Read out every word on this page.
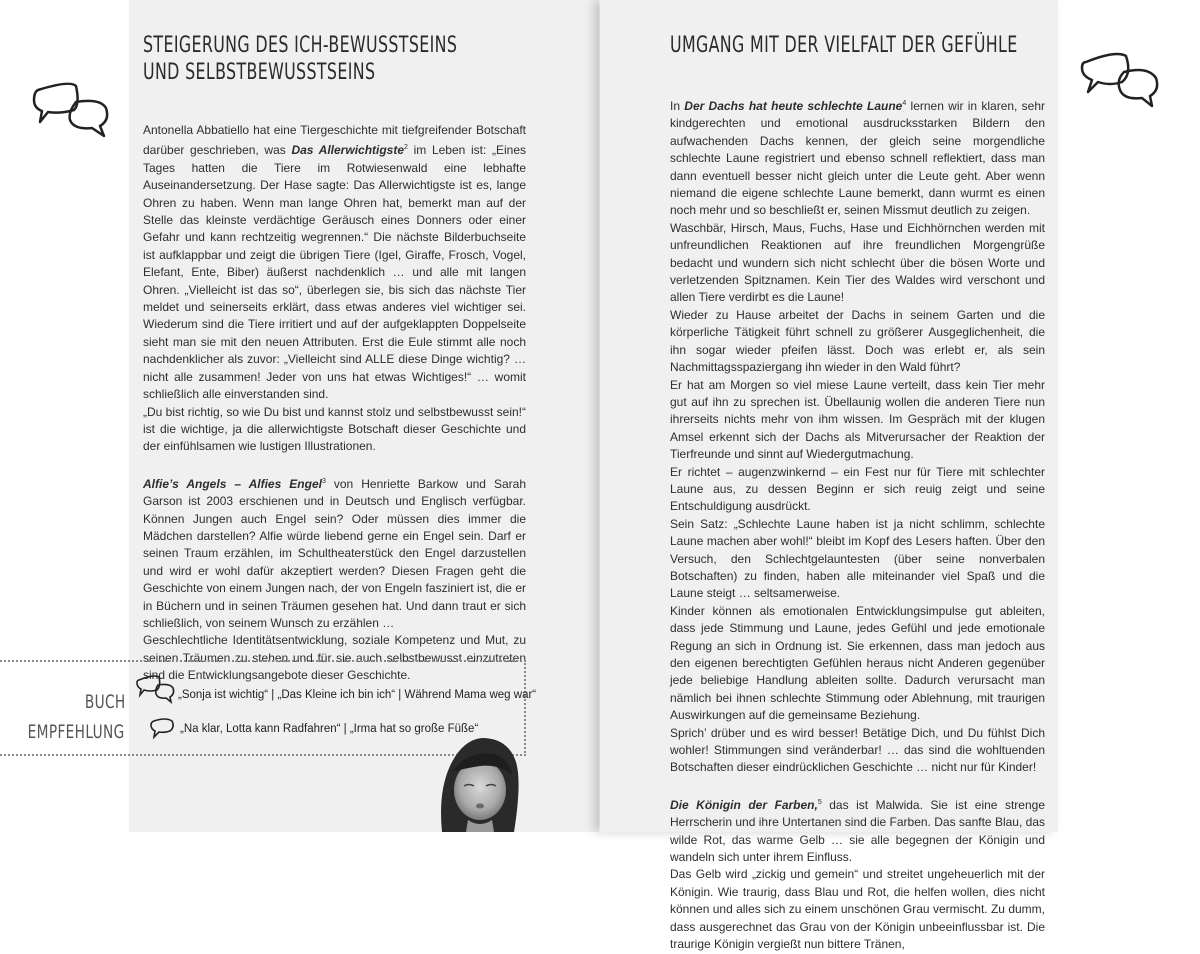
STEIGERUNG DES ICH-BEWUSSTSEINS
UND SELBSTBEWUSSTSEINS

Antonella Abbatiello hat eine Tiergeschichte mit tiefgreifender Botschaft darüber geschrieben, was Das Allerwichtigste$^2$ im Leben ist: „Eines Tages hatten die Tiere im Rotwiesenwald eine lebhafte Auseinandersetzung. Der Hase sagte: Das Allerwichtigste ist es, lange Ohren zu haben. Wenn man lange Ohren hat, bemerkt man auf der Stelle das kleinste verdächtige Geräusch eines Donners oder einer Gefahr und kann rechtzeitig wegrennen.“ Die nächste Bilderbuchseite ist aufklappbar und zeigt die übrigen Tiere (Igel, Giraffe, Frosch, Vogel, Elefant, Ente, Biber) äußerst nachdenklich … und alle mit langen Ohren. „Vielleicht ist das so“, überlegen sie, bis sich das nächste Tier meldet und seinerseits erklärt, dass etwas anderes viel wichtiger sei. Wiederum sind die Tiere irritiert und auf der aufgeklappten Doppelseite sieht man sie mit den neuen Attributen. Erst die Eule stimmt alle noch nachdenklicher als zuvor: „Vielleicht sind ALLE diese Dinge wichtig? … nicht alle zusammen! Jeder von uns hat etwas Wichtiges!“ … womit schließlich alle einverstanden sind.

„Du bist richtig, so wie Du bist und kannst stolz und selbstbewusst sein!“ ist die wichtige, ja die allerwichtigste Botschaft dieser Geschichte und der einfühlsamen wie lustigen Illustrationen.

Alfie’s Angels – Alfies Engel$^3$ von Henriette Barkow und Sarah Garson ist 2003 erschienen und in Deutsch und Englisch verfügbar. Können Jungen auch Engel sein? Oder müssen dies immer die Mädchen darstellen? Alfie würde liebend gerne ein Engel sein. Darf er seinen Traum erzählen, im Schultheaterstück den Engel darzustellen und wird er wohl dafür akzeptiert werden? Diesen Fragen geht die Geschichte von einem Jungen nach, der von Engeln fasziniert ist, die er in Büchern und in seinen Träumen gesehen hat. Und dann traut er sich schließlich, von seinem Wunsch zu erzählen …

Geschlechtliche Identitätsentwicklung, soziale Kompetenz und Mut, zu seinen Träumen zu stehen und für sie auch selbstbewusst einzutreten sind die Entwicklungsangebote dieser Geschichte.

UMGANG MIT DER VIELFALT DER GEFÜHLE

In Der Dachs hat heute schlechte Laune$^4$ lernen wir in klaren, sehr kindgerechten und emotional ausdrucksstarken Bildern den aufwachenden Dachs kennen, der gleich seine morgendliche schlechte Laune registriert und ebenso schnell reflektiert, dass man dann eventuell besser nicht gleich unter die Leute geht. Aber wenn niemand die eigene schlechte Laune bemerkt, dann wurmt es einen noch mehr und so beschließt er, seinen Missmut deutlich zu zeigen.

Waschbär, Hirsch, Maus, Fuchs, Hase und Eichhörnchen werden mit unfreundlichen Reaktionen auf ihre freundlichen Morgengrüße bedacht und wundern sich nicht schlecht über die bösen Worte und verletzenden Spitznamen. Kein Tier des Waldes wird verschont und allen Tiere verdirbt es die Laune!

Wieder zu Hause arbeitet der Dachs in seinem Garten und die körperliche Tätigkeit führt schnell zu größerer Ausgeglichenheit, die ihn sogar wieder pfeifen lässt. Doch was erlebt er, als sein Nachmittagsspaziergang ihn wieder in den Wald führt?

Er hat am Morgen so viel miese Laune verteilt, dass kein Tier mehr gut auf ihn zu sprechen ist. Übellaunig wollen die anderen Tiere nun ihrerseits nichts mehr von ihm wissen. Im Gespräch mit der klugen Amsel erkennt sich der Dachs als Mitverursacher der Reaktion der Tierfreunde und sinnt auf Wiedergutmachung.

Er richtet – augenzwinkernd – ein Fest nur für Tiere mit schlechter Laune aus, zu dessen Beginn er sich reuig zeigt und seine Entschuldigung ausdrückt.

Sein Satz: „Schlechte Laune haben ist ja nicht schlimm, schlechte Laune machen aber wohl!“ bleibt im Kopf des Lesers haften. Über den Versuch, den Schlechtgelauntesten (über seine nonverbalen Botschaften) zu finden, haben alle miteinander viel Spaß und die Laune steigt … seltsamerweise.

Kinder können als emotionalen Entwicklungsimpulse gut ableiten, dass jede Stimmung und Laune, jedes Gefühl und jede emotionale Regung an sich in Ordnung ist. Sie erkennen, dass man jedoch aus den eigenen berechtigten Gefühlen heraus nicht Anderen gegenüber jede beliebige Handlung ableiten sollte. Dadurch verursacht man nämlich bei ihnen schlechte Stimmung oder Ablehnung, mit traurigen Auswirkungen auf die gemeinsame Beziehung.

Sprich’ drüber und es wird besser! Betätige Dich, und Du fühlst Dich wohler! Stimmungen sind veränderbar! … das sind die wohltuenden Botschaften dieser eindrücklichen Geschichte … nicht nur für Kinder!

Die Königin der Farben,$^5$ das ist Malwida. Sie ist eine strenge Herrscherin und ihre Untertanen sind die Farben. Das sanfte Blau, das wilde Rot, das warme Gelb … sie alle begegnen der Königin und wandeln sich unter ihrem Einfluss.

Das Gelb wird „zickig und gemein“ und streitet ungeheuerlich mit der Königin. Wie traurig, dass Blau und Rot, die helfen wollen, dies nicht können und alles sich zu einem unschönen Grau vermischt. Zu dumm, dass ausgerechnet das Grau von der Königin unbeeinflussbar ist. Die traurige Königin vergießt nun bittere Tränen,

BUCH
EMPFEHLUNG
„Sonja ist wichtig“ | „Das Kleine ich bin ich“ | Während Mama weg war“
„Na klar, Lotta kann Radfahren“ | „Irma hat so große Füße“
